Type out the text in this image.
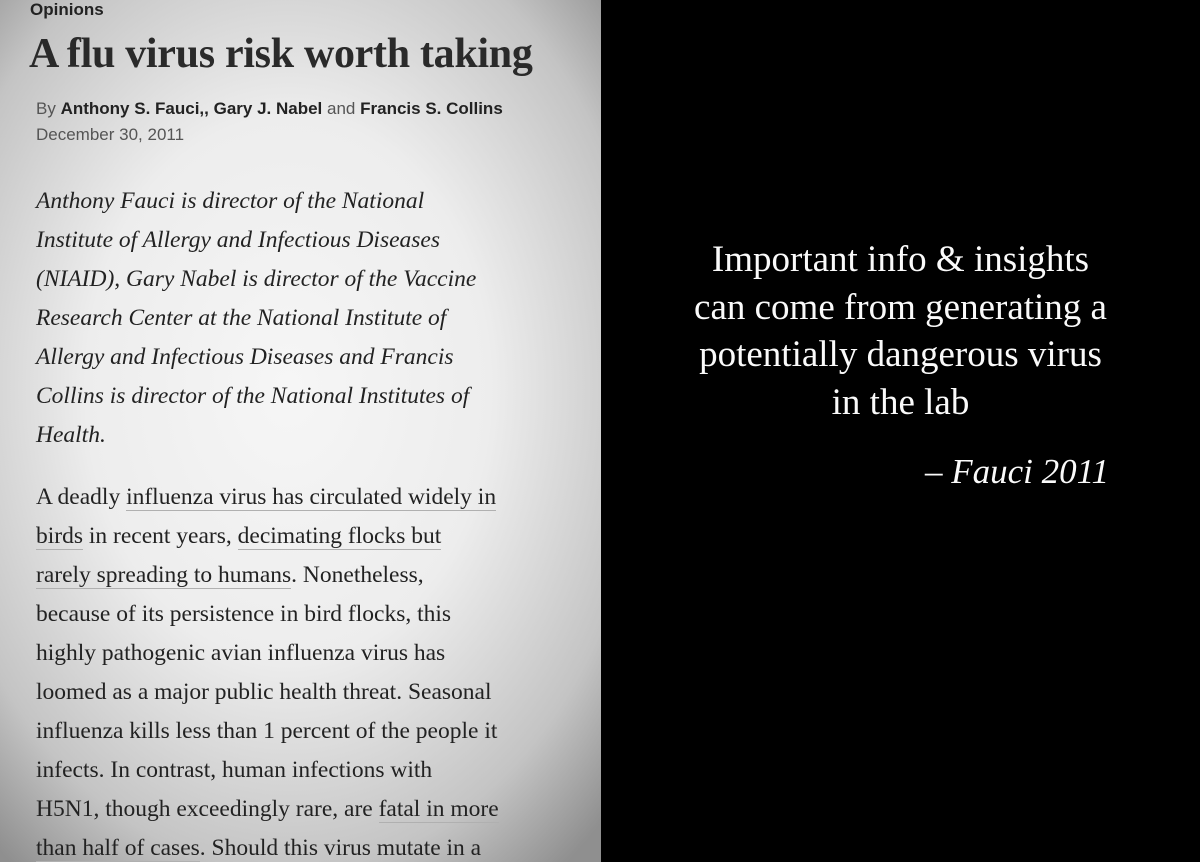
Opinions
A flu virus risk worth taking
By Anthony S. Fauci,, Gary J. Nabel and Francis S. Collins
December 30, 2011
Anthony Fauci is director of the National
Institute of Allergy and Infectious Diseases
(NIAID), Gary Nabel is director of the Vaccine
Research Center at the National Institute of
Allergy and Infectious Diseases and Francis
Collins is director of the National Institutes of
Health.
A deadly influenza virus has circulated widely in
birds in recent years, decimating flocks but
rarely spreading to humans. Nonetheless,
because of its persistence in bird flocks, this
highly pathogenic avian influenza virus has
loomed as a major public health threat. Seasonal
influenza kills less than 1 percent of the people it
infects. In contrast, human infections with
H5N1, though exceedingly rare, are fatal in more
than half of cases. Should this virus mutate in a
Important info & insights
can come from generating a
potentially dangerous virus
in the lab
– Fauci 2011
